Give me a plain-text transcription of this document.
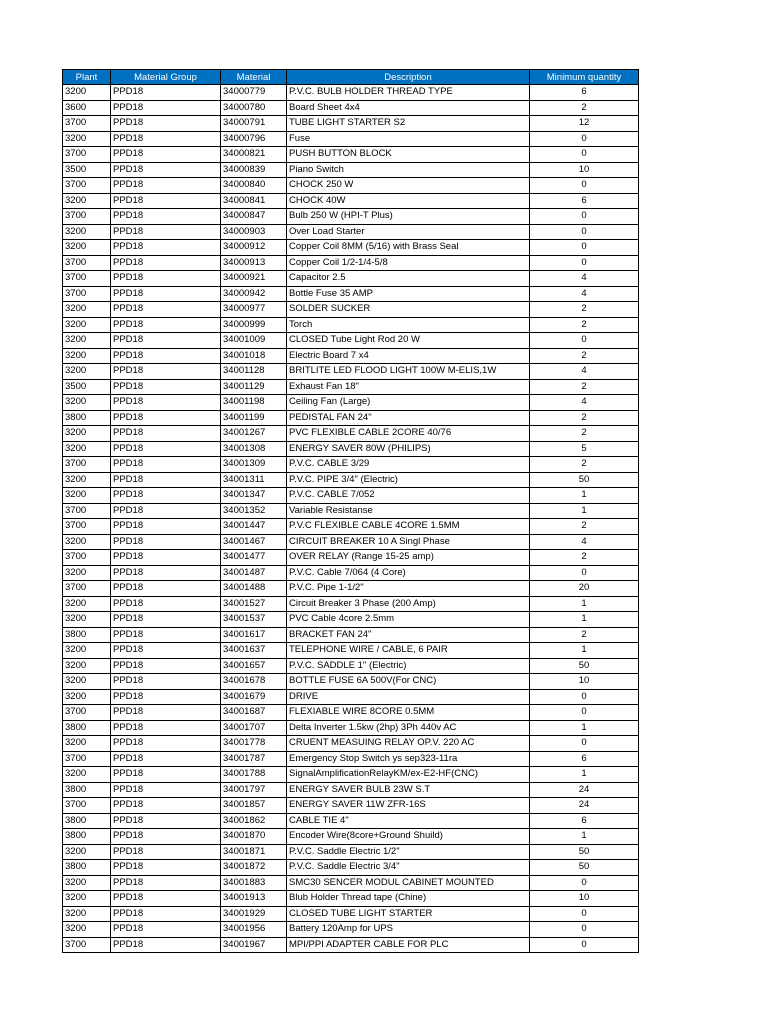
Plant	Material Group	Material	Description	Minimum quantity
3200	PPD18	34000779	P.V.C. BULB HOLDER THREAD TYPE	6
3600	PPD18	34000780	Board Sheet 4x4	2
3700	PPD18	34000791	TUBE LIGHT STARTER S2	12
3200	PPD18	34000796	Fuse	0
3700	PPD18	34000821	PUSH BUTTON BLOCK	0
3500	PPD18	34000839	Piano Switch	10
3700	PPD18	34000840	CHOCK 250 W	0
3200	PPD18	34000841	CHOCK 40W	6
3700	PPD18	34000847	Bulb 250 W (HPI-T Plus)	0
3200	PPD18	34000903	Over Load Starter	0
3200	PPD18	34000912	Copper Coil 8MM (5/16) with Brass Seal	0
3700	PPD18	34000913	Copper Coil 1/2-1/4-5/8	0
3700	PPD18	34000921	Capacitor 2.5	4
3700	PPD18	34000942	Bottle Fuse 35 AMP	4
3200	PPD18	34000977	SOLDER SUCKER	2
3200	PPD18	34000999	Torch	2
3200	PPD18	34001009	CLOSED Tube Light Rod 20 W	0
3200	PPD18	34001018	Electric Board 7 x4	2
3200	PPD18	34001128	BRITLITE LED FLOOD LIGHT 100W M-ELIS,1W	4
3500	PPD18	34001129	Exhaust Fan 18"	2
3200	PPD18	34001198	Ceiling Fan (Large)	4
3800	PPD18	34001199	PEDISTAL FAN 24"	2
3200	PPD18	34001267	PVC FLEXIBLE CABLE 2CORE 40/76	2
3200	PPD18	34001308	ENERGY SAVER 80W (PHILIPS)	5
3700	PPD18	34001309	P.V.C. CABLE 3/29	2
3200	PPD18	34001311	P.V.C. PIPE 3/4" (Electric)	50
3200	PPD18	34001347	P.V.C. CABLE 7/052	1
3700	PPD18	34001352	Variable Resistanse	1
3700	PPD18	34001447	P.V.C FLEXIBLE CABLE 4CORE 1.5MM	2
3200	PPD18	34001467	CIRCUIT BREAKER 10 A Singl Phase	4
3700	PPD18	34001477	OVER RELAY (Range 15-25 amp)	2
3200	PPD18	34001487	P.V.C. Cable 7/064 (4 Core)	0
3700	PPD18	34001488	P.V.C. Pipe 1-1/2"	20
3200	PPD18	34001527	Circuit Breaker 3 Phase (200 Amp)	1
3200	PPD18	34001537	PVC Cable 4core 2.5mm	1
3800	PPD18	34001617	BRACKET FAN 24"	2
3200	PPD18	34001637	TELEPHONE WIRE / CABLE, 6 PAIR	1
3200	PPD18	34001657	P.V.C. SADDLE 1" (Electric)	50
3200	PPD18	34001678	BOTTLE FUSE 6A 500V(For CNC)	10
3200	PPD18	34001679	DRIVE	0
3700	PPD18	34001687	FLEXIABLE WIRE 8CORE 0.5MM	0
3800	PPD18	34001707	Delta Inverter 1.5kw (2hp) 3Ph 440v AC	1
3200	PPD18	34001778	CRUENT MEASUING RELAY OP.V. 220 AC	0
3700	PPD18	34001787	Emergency Stop Switch ys sep323-11ra	6
3200	PPD18	34001788	SignalAmplificationRelayKM/ex-E2-HF(CNC)	1
3800	PPD18	34001797	ENERGY SAVER BULB 23W S.T	24
3700	PPD18	34001857	ENERGY SAVER 11W ZFR-16S	24
3800	PPD18	34001862	CABLE TIE 4"	6
3800	PPD18	34001870	Encoder Wire(8core+Ground Shuild)	1
3200	PPD18	34001871	P.V.C. Saddle Electric 1/2"	50
3800	PPD18	34001872	P.V.C. Saddle Electric 3/4"	50
3200	PPD18	34001883	SMC30 SENCER MODUL CABINET MOUNTED	0
3200	PPD18	34001913	Blub Holder Thread tape (Chine)	10
3200	PPD18	34001929	CLOSED TUBE LIGHT STARTER	0
3200	PPD18	34001956	Battery 120Amp for UPS	0
3700	PPD18	34001967	MPI/PPI ADAPTER CABLE FOR PLC	0
